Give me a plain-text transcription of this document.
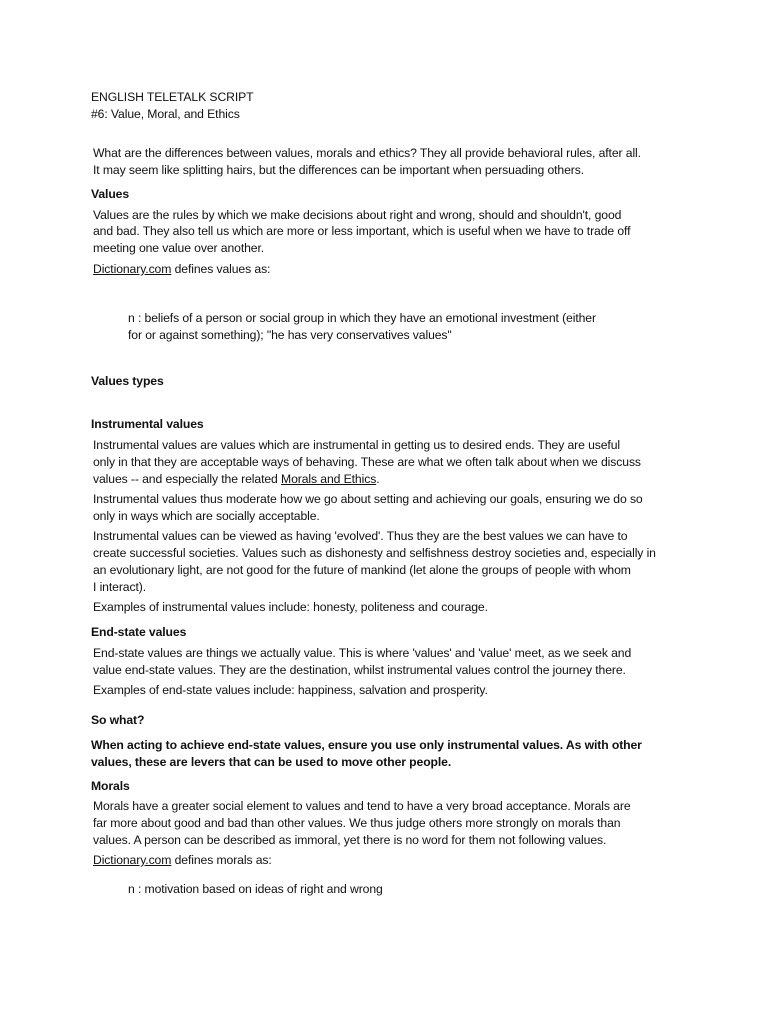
ENGLISH TELETALK SCRIPT
#6: Value, Moral, and Ethics
What are the differences between values, morals and ethics? They all provide behavioral rules, after all.
It may seem like splitting hairs, but the differences can be important when persuading others.
Values
Values are the rules by which we make decisions about right and wrong, should and shouldn't, good
and bad. They also tell us which are more or less important, which is useful when we have to trade off
meeting one value over another.
Dictionary.com defines values as:
n : beliefs of a person or social group in which they have an emotional investment (either
for or against something); "he has very conservatives values"
Values types
Instrumental values
Instrumental values are values which are instrumental in getting us to desired ends. They are useful
only in that they are acceptable ways of behaving. These are what we often talk about when we discuss
values -- and especially the related Morals and Ethics.
Instrumental values thus moderate how we go about setting and achieving our goals, ensuring we do so
only in ways which are socially acceptable.
Instrumental values can be viewed as having 'evolved'. Thus they are the best values we can have to
create successful societies. Values such as dishonesty and selfishness destroy societies and, especially in
an evolutionary light, are not good for the future of mankind (let alone the groups of people with whom
I interact).
Examples of instrumental values include: honesty, politeness and courage.
End-state values
End-state values are things we actually value. This is where 'values' and 'value' meet, as we seek and
value end-state values. They are the destination, whilst instrumental values control the journey there.
Examples of end-state values include: happiness, salvation and prosperity.
So what?
When acting to achieve end-state values, ensure you use only instrumental values. As with other
values, these are levers that can be used to move other people.
Morals
Morals have a greater social element to values and tend to have a very broad acceptance. Morals are
far more about good and bad than other values. We thus judge others more strongly on morals than
values. A person can be described as immoral, yet there is no word for them not following values.
Dictionary.com defines morals as:
n : motivation based on ideas of right and wrong
